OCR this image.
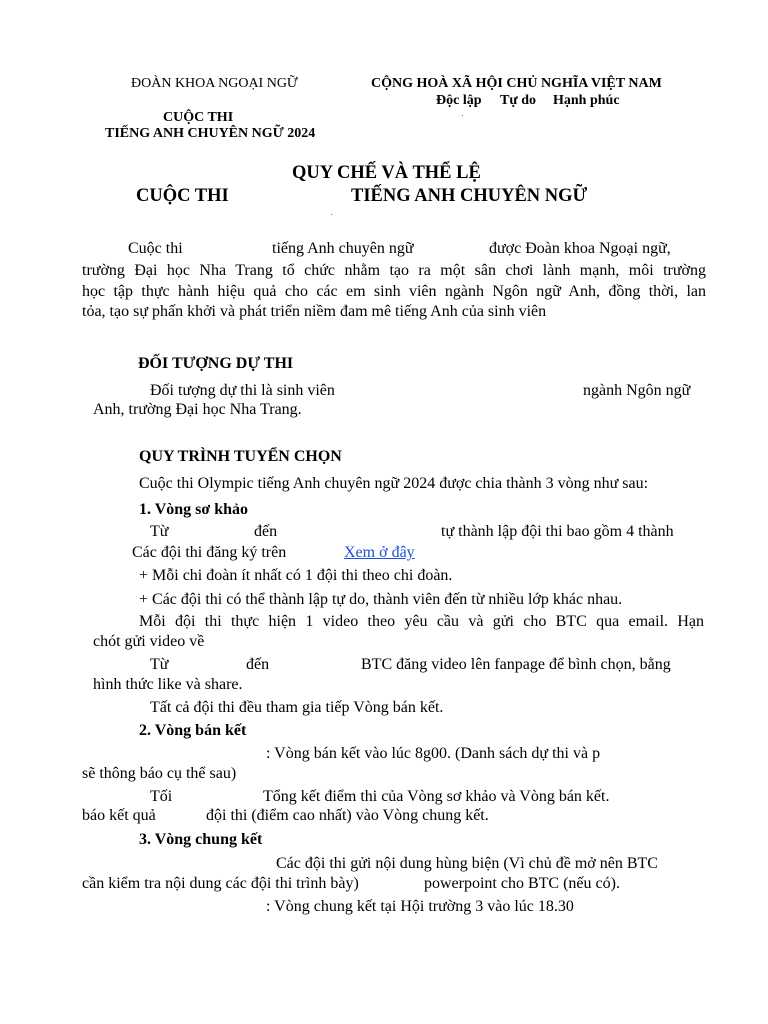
ĐOÀN KHOA NGOẠI NGỮ	CỘNG HOÀ XÃ HỘI CHỦ NGHĨA VIỆT NAM
Độc lập Tự do Hạnh phúc
CUỘC THI
TIẾNG ANH CHUYÊN NGỮ 2024
QUY CHẾ VÀ THỂ LỆ
CUỘC THI	TIẾNG ANH CHUYÊN NGỮ
Cuộc thi	tiếng Anh chuyên ngữ	được Đoàn khoa Ngoại ngữ,
trường Đại học Nha Trang tổ chức nhằm tạo ra một sân chơi lành mạnh, môi trường
học tập thực hành hiệu quả cho các em sinh viên ngành Ngôn ngữ Anh, đồng thời, lan
tỏa, tạo sự phấn khởi và phát triển niềm đam mê tiếng Anh của sinh viên
ĐỐI TƯỢNG DỰ THI
Đối tượng dự thi là sinh viên	ngành Ngôn ngữ
Anh, trường Đại học Nha Trang.
QUY TRÌNH TUYỂN CHỌN
Cuộc thi Olympic tiếng Anh chuyên ngữ 2024 được chia thành 3 vòng như sau:
1. Vòng sơ khảo
Từ	đến	tự thành lập đội thi bao gồm 4 thành
Các đội thi đăng ký trên	Xem ở đây
+ Mỗi chi đoàn ít nhất có 1 đội thi theo chi đoàn.
+ Các đội thi có thể thành lập tự do, thành viên đến từ nhiều lớp khác nhau.
Mỗi đội thi thực hiện 1 video theo yêu cầu và gửi cho BTC qua email. Hạn
chót gửi video về
Từ	đến	BTC đăng video lên fanpage để bình chọn, bằng
hình thức like và share.
Tất cả đội thi đều tham gia tiếp Vòng bán kết.
2. Vòng bán kết
: Vòng bán kết vào lúc 8g00. (Danh sách dự thi và p
sẽ thông báo cụ thể sau)
Tối	Tổng kết điểm thi của Vòng sơ khảo và Vòng bán kết.
báo kết quả	đội thi (điểm cao nhất) vào Vòng chung kết.
3. Vòng chung kết
Các đội thi gửi nội dung hùng biện (Vì chủ đề mở nên BTC
cần kiểm tra nội dung các đội thi trình bày)	powerpoint cho BTC (nếu có).
: Vòng chung kết tại Hội trường 3 vào lúc 18.30
